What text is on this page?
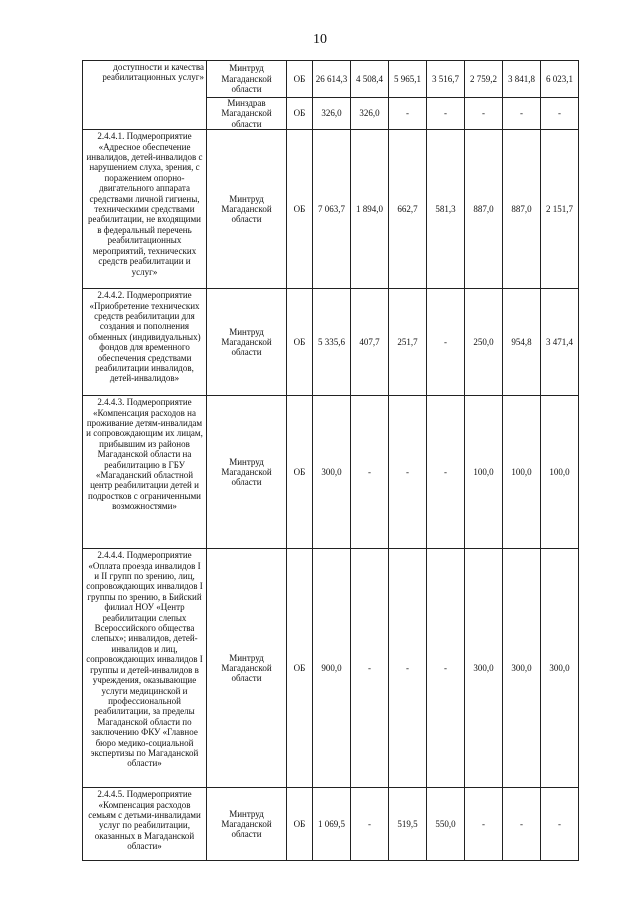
10
доступности и качества реабилитационных услуг»	Минтруд Магаданской области	ОБ	26 614,3	4 508,4	5 965,1	3 516,7	2 759,2	3 841,8	6 023,1
	Минздрав Магаданской области	ОБ	326,0	326,0	-	-	-	-	-
2.4.4.1. Подмероприятие «Адресное обеспечение инвалидов, детей-инвалидов с нарушением слуха, зрения, с поражением опорно-двигательного аппарата средствами личной гигиены, техническими средствами реабилитации, не входящими в федеральный перечень реабилитационных мероприятий, технических средств реабилитации и услуг»	Минтруд Магаданской области	ОБ	7 063,7	1 894,0	662,7	581,3	887,0	887,0	2 151,7
2.4.4.2. Подмероприятие «Приобретение технических средств реабилитации для создания и пополнения обменных (индивидуальных) фондов для временного обеспечения средствами реабилитации инвалидов, детей-инвалидов»	Минтруд Магаданской области	ОБ	5 335,6	407,7	251,7	-	250,0	954,8	3 471,4
2.4.4.3. Подмероприятие «Компенсация расходов на проживание детям-инвалидам и сопровождающим их лицам, прибывшим из районов Магаданской области на реабилитацию в ГБУ «Магаданский областной центр реабилитации детей и подростков с ограниченными возможностями»	Минтруд Магаданской области	ОБ	300,0	-	-	-	100,0	100,0	100,0
2.4.4.4. Подмероприятие «Оплата проезда инвалидов I и II групп по зрению, лиц, сопровождающих инвалидов I группы по зрению, в Бийский филиал НОУ «Центр реабилитации слепых Всероссийского общества слепых»; инвалидов, детей-инвалидов и лиц, сопровождающих инвалидов I группы и детей-инвалидов в учреждения, оказывающие услуги медицинской и профессиональной реабилитации, за пределы Магаданской области по заключению ФКУ «Главное бюро медико-социальной экспертизы по Магаданской области»	Минтруд Магаданской области	ОБ	900,0	-	-	-	300,0	300,0	300,0
2.4.4.5. Подмероприятие «Компенсация расходов семьям с детьми-инвалидами услуг по реабилитации, оказанных в Магаданской области»	Минтруд Магаданской области	ОБ	1 069,5	-	519,5	550,0	-	-	-
